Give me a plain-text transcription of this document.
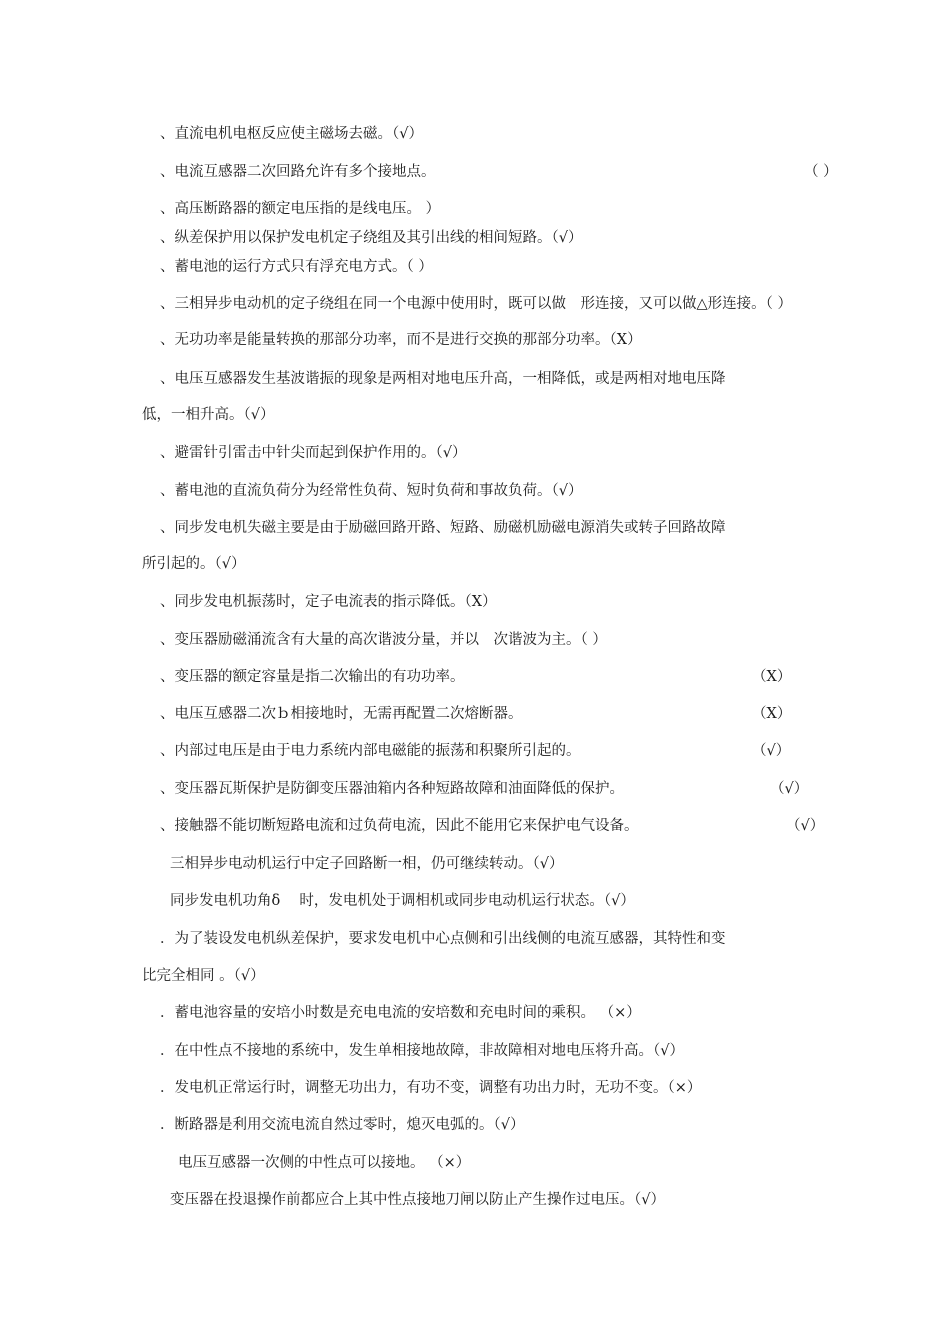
、直流电机电枢反应使主磁场去磁。（√）
、电流互感器二次回路允许有多个接地点。	（ ）
、高压断路器的额定电压指的是线电压。 ）
、纵差保护用以保护发电机定子绕组及其引出线的相间短路。（√）
、蓄电池的运行方式只有浮充电方式。（ ）
、三相异步电动机的定子绕组在同一个电源中使用时，既可以做　形连接，又可以做△形连接。（ ）
、无功功率是能量转换的那部分功率，而不是进行交换的那部分功率。（X）
、电压互感器发生基波谐振的现象是两相对地电压升高，一相降低，或是两相对地电压降
低，一相升高。（√）
、避雷针引雷击中针尖而起到保护作用的。（√）
、蓄电池的直流负荷分为经常性负荷、短时负荷和事故负荷。（√）
、同步发电机失磁主要是由于励磁回路开路、短路、励磁机励磁电源消失或转子回路故障
所引起的。（√）
、同步发电机振荡时，定子电流表的指示降低。（X）
、变压器励磁涌流含有大量的高次谐波分量，并以　次谐波为主。（ ）
、变压器的额定容量是指二次输出的有功功率。	（X）
、电压互感器二次ｂ相接地时，无需再配置二次熔断器。	（X）
、内部过电压是由于电力系统内部电磁能的振荡和积聚所引起的。	（√）
、变压器瓦斯保护是防御变压器油箱内各种短路故障和油面降低的保护。	（√）
、接触器不能切断短路电流和过负荷电流，因此不能用它来保护电气设备。	（√）
三相异步电动机运行中定子回路断一相，仍可继续转动。（√）
同步发电机功角δ　 时，发电机处于调相机或同步电动机运行状态。（√）
．为了装设发电机纵差保护，要求发电机中心点侧和引出线侧的电流互感器，其特性和变
比完全相同 。（√）
．蓄电池容量的安培小时数是充电电流的安培数和充电时间的乘积。 （×）
．在中性点不接地的系统中，发生单相接地故障，非故障相对地电压将升高。（√）
．发电机正常运行时，调整无功出力，有功不变，调整有功出力时，无功不变。（×）
．断路器是利用交流电流自然过零时，熄灭电弧的。（√）
电压互感器一次侧的中性点可以接地。 （×）
变压器在投退操作前都应合上其中性点接地刀闸以防止产生操作过电压。（√）
